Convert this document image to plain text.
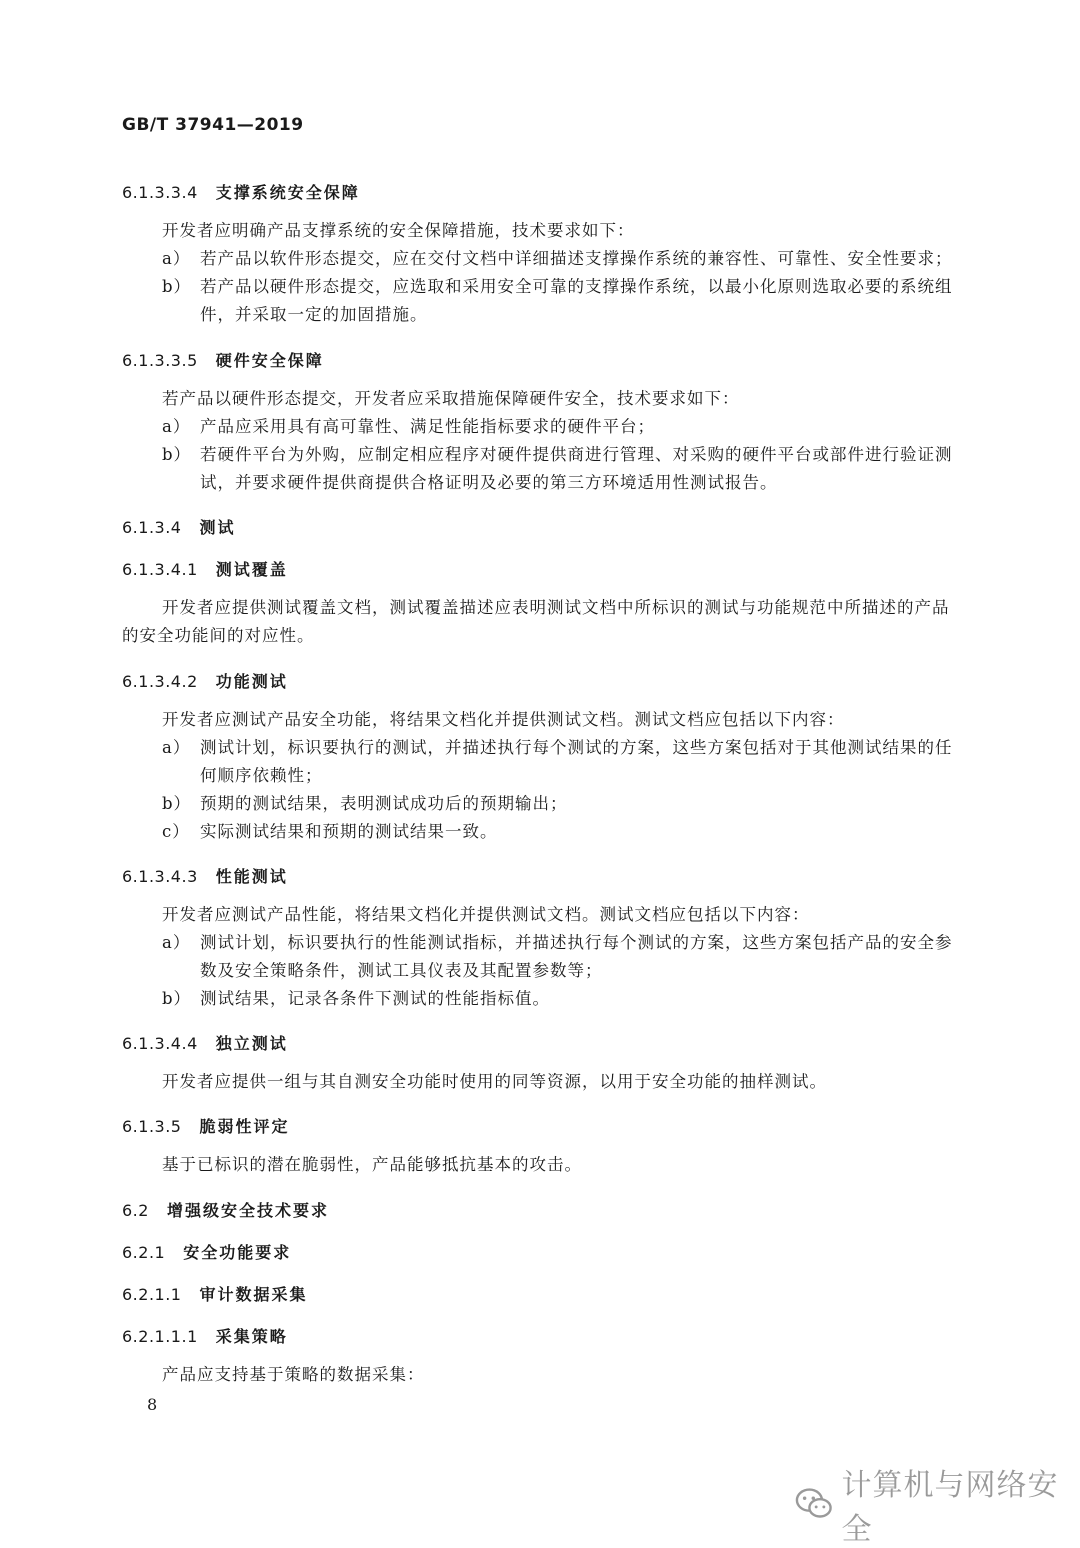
GB/T 37941—2019
6.1.3.3.4 支撑系统安全保障
开发者应明确产品支撑系统的安全保障措施，技术要求如下：
a） 若产品以软件形态提交，应在交付文档中详细描述支撑操作系统的兼容性、可靠性、安全性要求；
b） 若产品以硬件形态提交，应选取和采用安全可靠的支撑操作系统，以最小化原则选取必要的系统组件，并采取一定的加固措施。
6.1.3.3.5 硬件安全保障
若产品以硬件形态提交，开发者应采取措施保障硬件安全，技术要求如下：
a） 产品应采用具有高可靠性、满足性能指标要求的硬件平台；
b） 若硬件平台为外购，应制定相应程序对硬件提供商进行管理、对采购的硬件平台或部件进行验证测试，并要求硬件提供商提供合格证明及必要的第三方环境适用性测试报告。
6.1.3.4 测试
6.1.3.4.1 测试覆盖
开发者应提供测试覆盖文档，测试覆盖描述应表明测试文档中所标识的测试与功能规范中所描述的产品的安全功能间的对应性。
6.1.3.4.2 功能测试
开发者应测试产品安全功能，将结果文档化并提供测试文档。测试文档应包括以下内容：
a） 测试计划，标识要执行的测试，并描述执行每个测试的方案，这些方案包括对于其他测试结果的任何顺序依赖性；
b） 预期的测试结果，表明测试成功后的预期输出；
c） 实际测试结果和预期的测试结果一致。
6.1.3.4.3 性能测试
开发者应测试产品性能，将结果文档化并提供测试文档。测试文档应包括以下内容：
a） 测试计划，标识要执行的性能测试指标，并描述执行每个测试的方案，这些方案包括产品的安全参数及安全策略条件，测试工具仪表及其配置参数等；
b） 测试结果，记录各条件下测试的性能指标值。
6.1.3.4.4 独立测试
开发者应提供一组与其自测安全功能时使用的同等资源，以用于安全功能的抽样测试。
6.1.3.5 脆弱性评定
基于已标识的潜在脆弱性，产品能够抵抗基本的攻击。
6.2 增强级安全技术要求
6.2.1 安全功能要求
6.2.1.1 审计数据采集
6.2.1.1.1 采集策略
产品应支持基于策略的数据采集：
8
计算机与网络安全
